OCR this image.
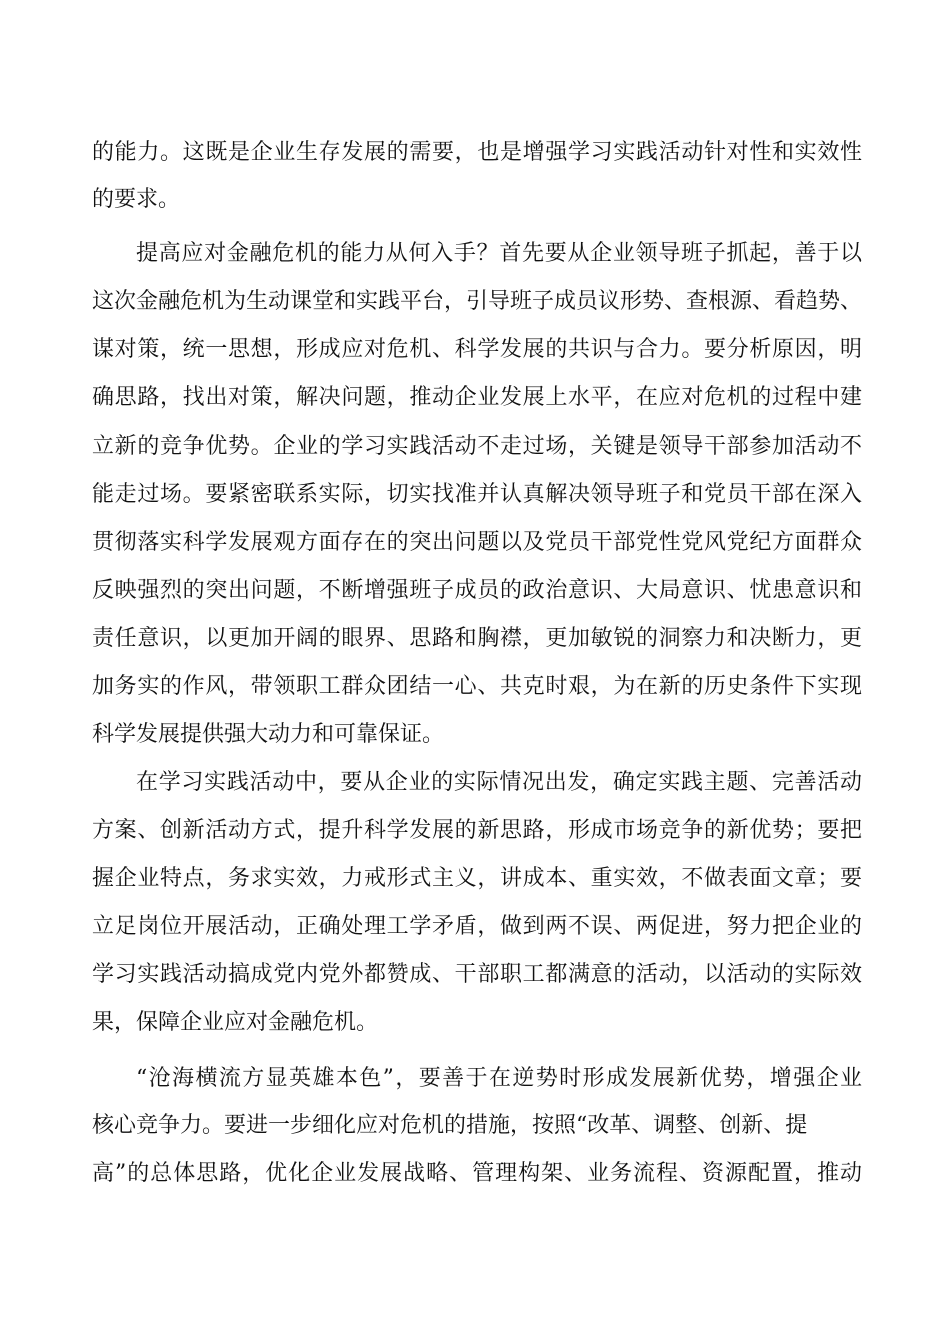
的能力。这既是企业生存发展的需要，也是增强学习实践活动针对性和实效性
的要求。
提高应对金融危机的能力从何入手？首先要从企业领导班子抓起，善于以
这次金融危机为生动课堂和实践平台，引导班子成员议形势、查根源、看趋势、
谋对策，统一思想，形成应对危机、科学发展的共识与合力。要分析原因，明
确思路，找出对策，解决问题，推动企业发展上水平，在应对危机的过程中建
立新的竞争优势。企业的学习实践活动不走过场，关键是领导干部参加活动不
能走过场。要紧密联系实际，切实找准并认真解决领导班子和党员干部在深入
贯彻落实科学发展观方面存在的突出问题以及党员干部党性党风党纪方面群众
反映强烈的突出问题，不断增强班子成员的政治意识、大局意识、忧患意识和
责任意识，以更加开阔的眼界、思路和胸襟，更加敏锐的洞察力和决断力，更
加务实的作风，带领职工群众团结一心、共克时艰，为在新的历史条件下实现
科学发展提供强大动力和可靠保证。
在学习实践活动中，要从企业的实际情况出发，确定实践主题、完善活动
方案、创新活动方式，提升科学发展的新思路，形成市场竞争的新优势；要把
握企业特点，务求实效，力戒形式主义，讲成本、重实效，不做表面文章；要
立足岗位开展活动，正确处理工学矛盾，做到两不误、两促进，努力把企业的
学习实践活动搞成党内党外都赞成、干部职工都满意的活动，以活动的实际效
果，保障企业应对金融危机。
“沧海横流方显英雄本色”，要善于在逆势时形成发展新优势，增强企业
核心竞争力。要进一步细化应对危机的措施，按照“改革、调整、创新、提
高”的总体思路，优化企业发展战略、管理构架、业务流程、资源配置，推动
